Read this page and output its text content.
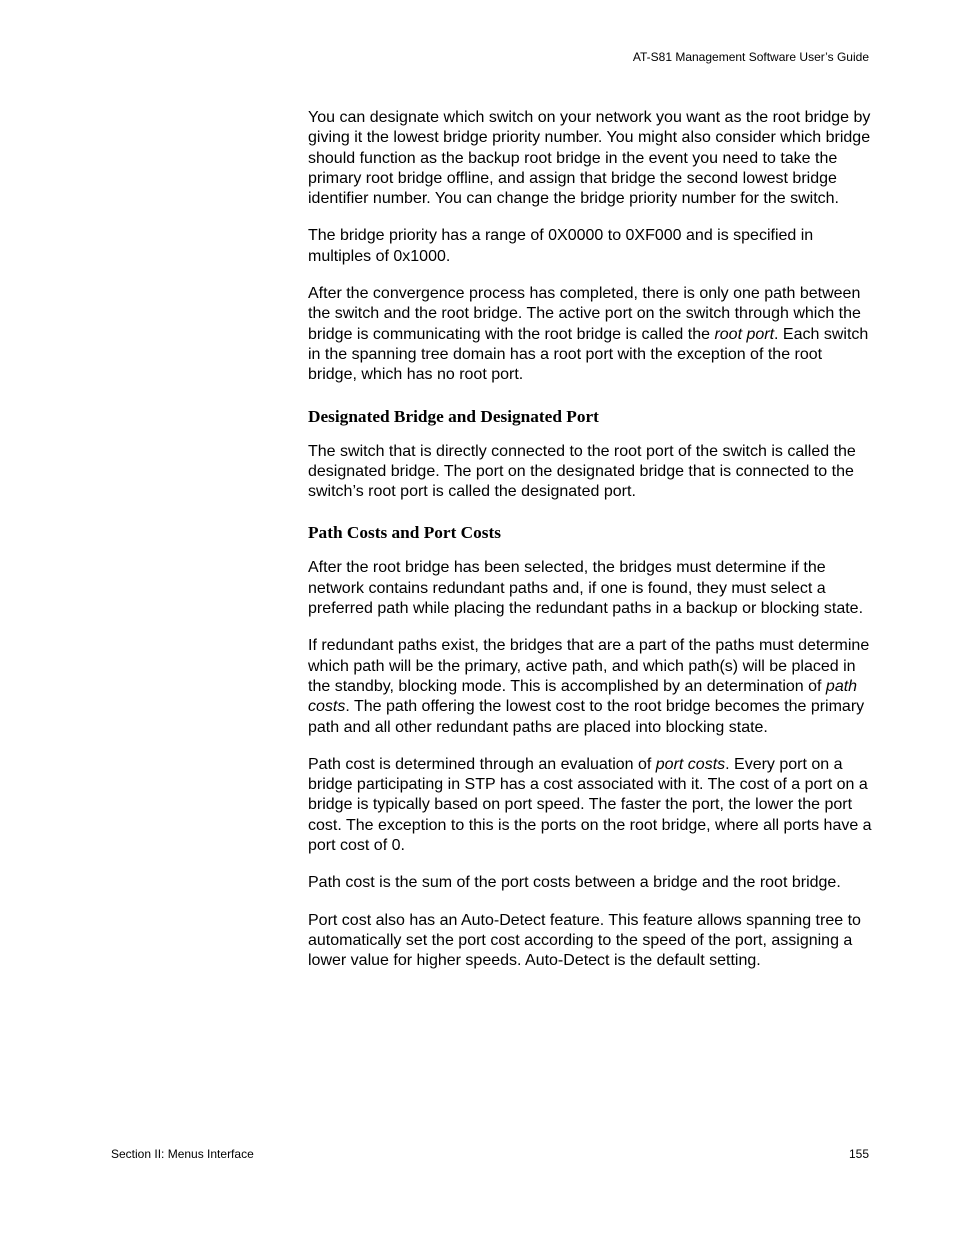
AT-S81 Management Software User’s Guide

You can designate which switch on your network you want as the root bridge by giving it the lowest bridge priority number. You might also consider which bridge should function as the backup root bridge in the event you need to take the primary root bridge offline, and assign that bridge the second lowest bridge identifier number. You can change the bridge priority number for the switch.

The bridge priority has a range of 0X0000 to 0XF000 and is specified in multiples of 0x1000.

After the convergence process has completed, there is only one path between the switch and the root bridge. The active port on the switch through which the bridge is communicating with the root bridge is called the root port. Each switch in the spanning tree domain has a root port with the exception of the root bridge, which has no root port.

Designated Bridge and Designated Port

The switch that is directly connected to the root port of the switch is called the designated bridge. The port on the designated bridge that is connected to the switch’s root port is called the designated port.

Path Costs and Port Costs

After the root bridge has been selected, the bridges must determine if the network contains redundant paths and, if one is found, they must select a preferred path while placing the redundant paths in a backup or blocking state.

If redundant paths exist, the bridges that are a part of the paths must determine which path will be the primary, active path, and which path(s) will be placed in the standby, blocking mode. This is accomplished by an determination of path costs. The path offering the lowest cost to the root bridge becomes the primary path and all other redundant paths are placed into blocking state.

Path cost is determined through an evaluation of port costs. Every port on a bridge participating in STP has a cost associated with it. The cost of a port on a bridge is typically based on port speed. The faster the port, the lower the port cost. The exception to this is the ports on the root bridge, where all ports have a port cost of 0.

Path cost is the sum of the port costs between a bridge and the root bridge.

Port cost also has an Auto-Detect feature. This feature allows spanning tree to automatically set the port cost according to the speed of the port, assigning a lower value for higher speeds. Auto-Detect is the default setting.

Section II: Menus Interface	155
